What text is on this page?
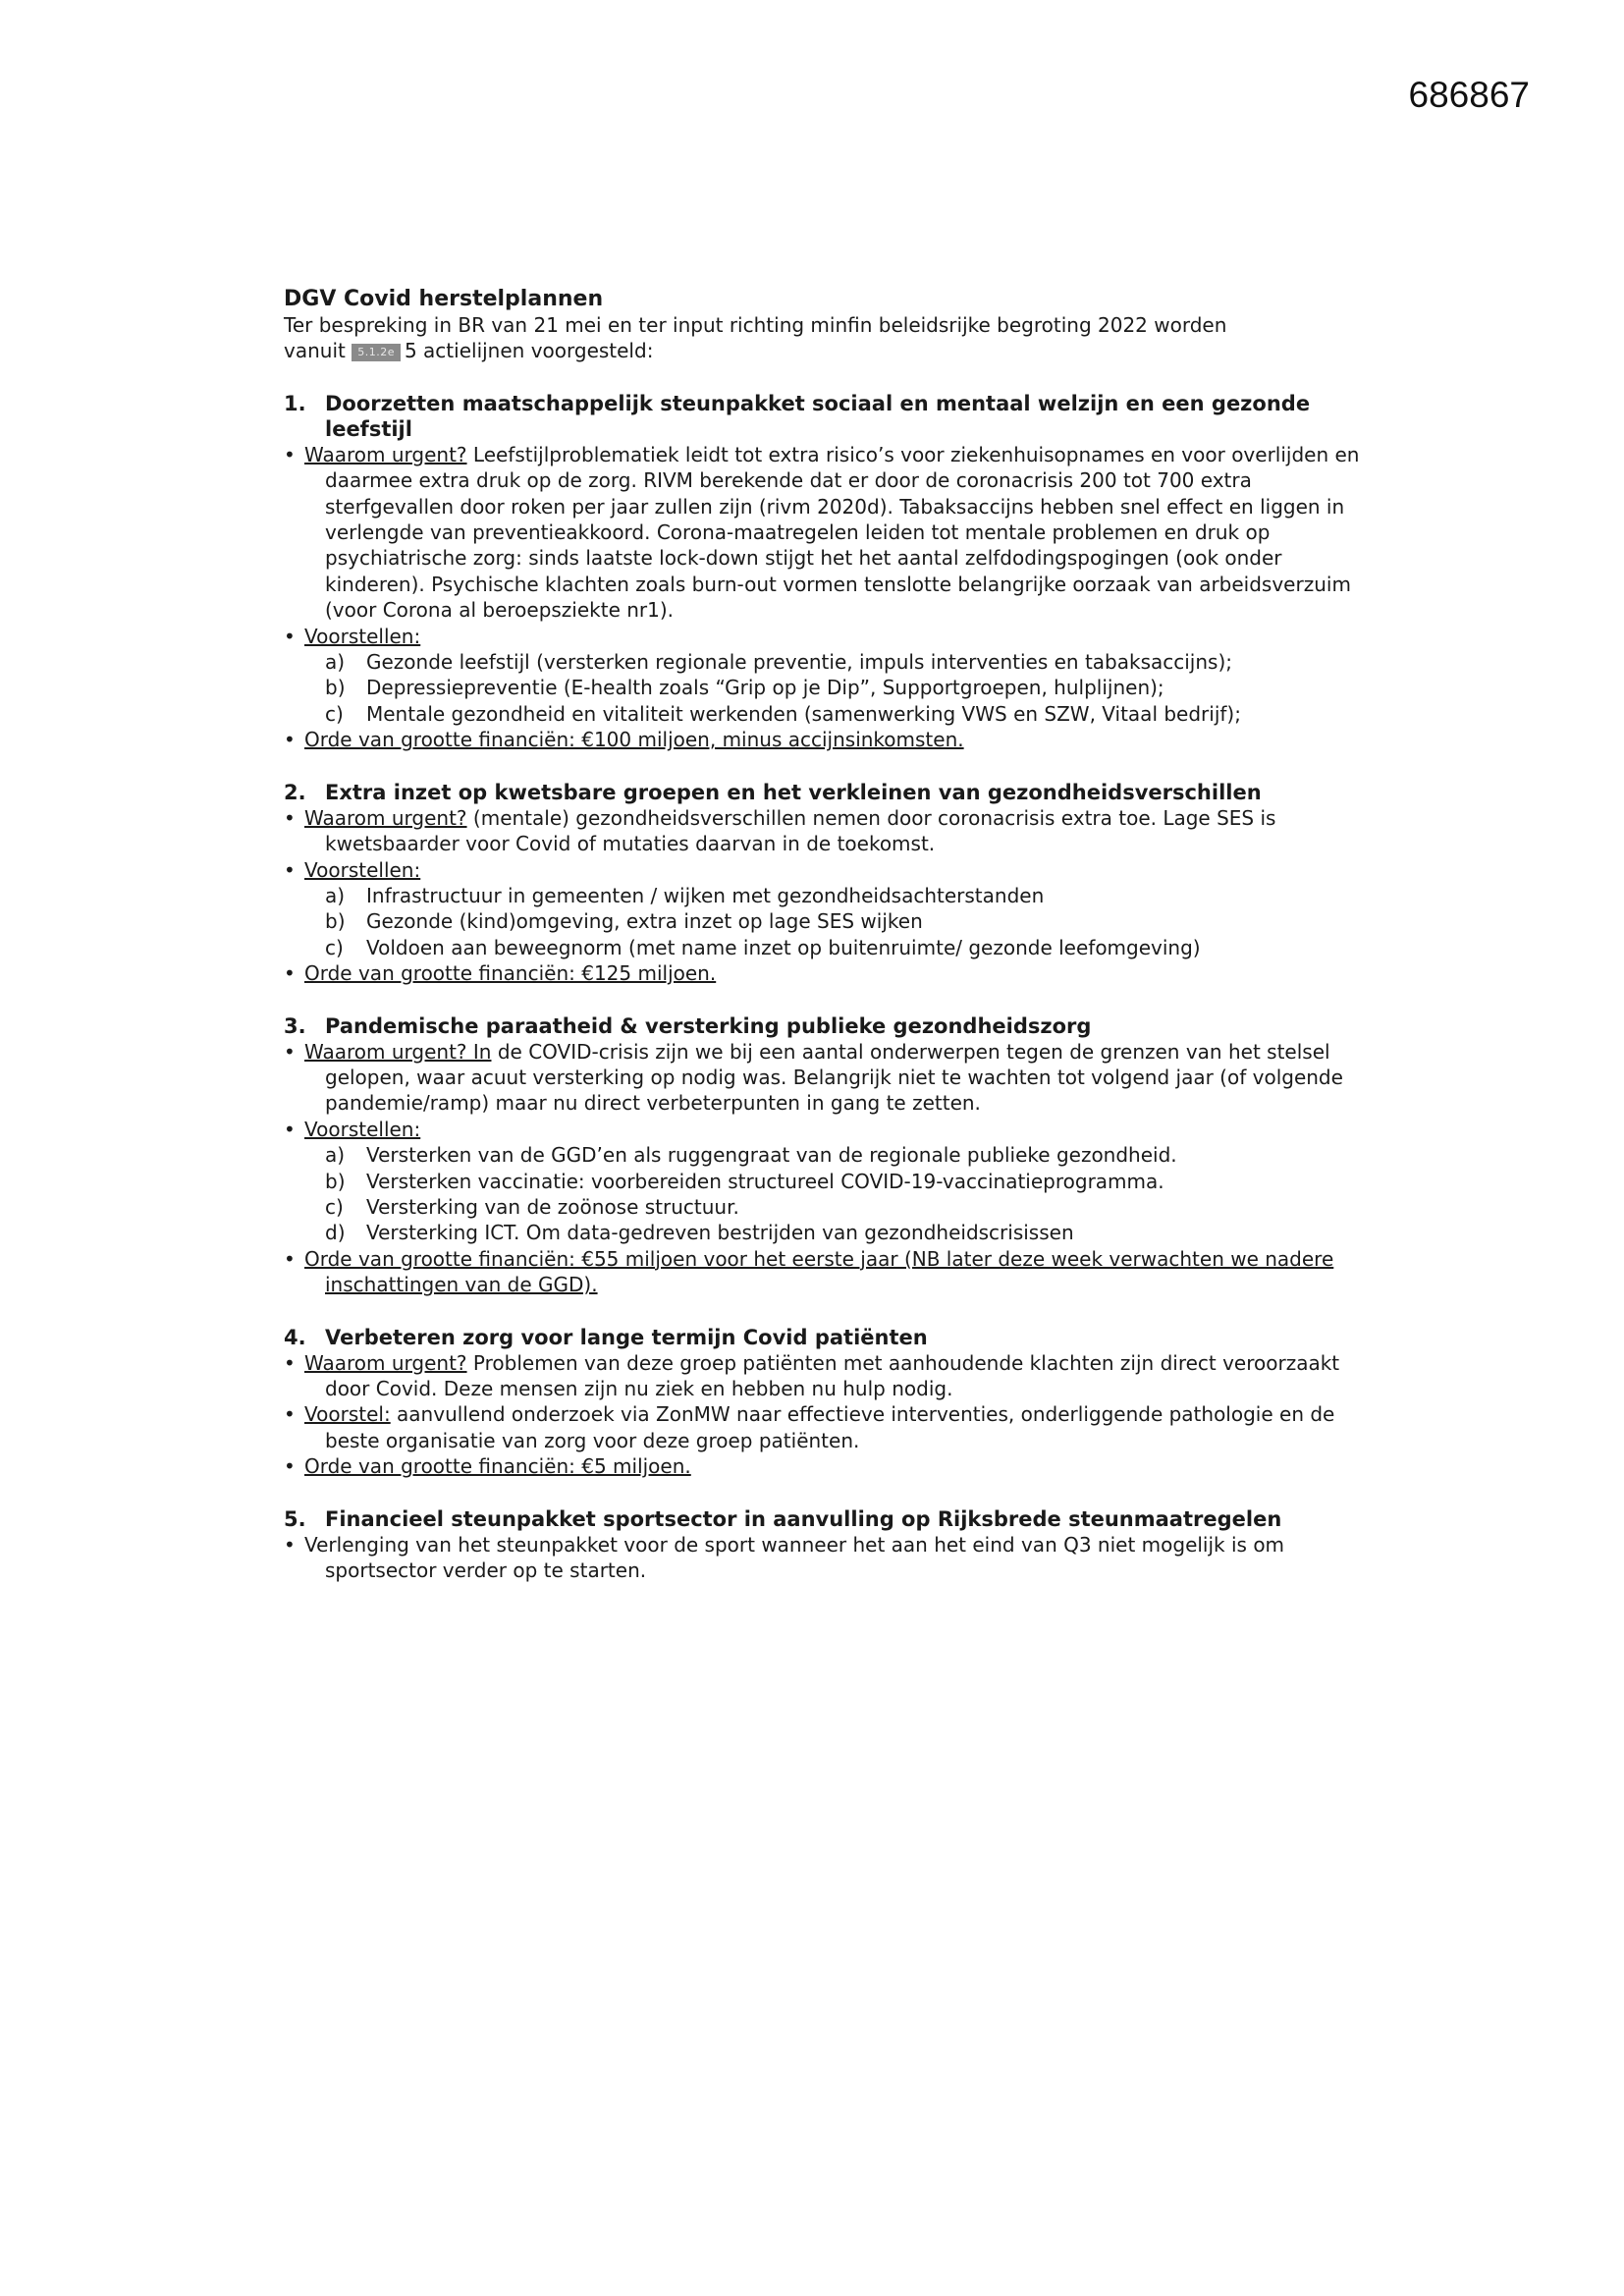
686867
DGV Covid herstelplannen

Ter bespreking in BR van 21 mei en ter input richting minfin beleidsrijke begroting 2022 worden
vanuit 5.1.2e 5 actielijnen voorgesteld:

1. Doorzetten maatschappelijk steunpakket sociaal en mentaal welzijn en een gezonde leefstijl
• Waarom urgent? Leefstijlproblematiek leidt tot extra risico’s voor ziekenhuisopnames en voor overlijden en daarmee extra druk op de zorg. RIVM berekende dat er door de coronacrisis 200 tot 700 extra sterfgevallen door roken per jaar zullen zijn (rivm 2020d). Tabaksaccijns hebben snel effect en liggen in verlengde van preventieakkoord. Corona-maatregelen leiden tot mentale problemen en druk op psychiatrische zorg: sinds laatste lock-down stijgt het het aantal zelfdodingspogingen (ook onder kinderen). Psychische klachten zoals burn-out vormen tenslotte belangrijke oorzaak van arbeidsverzuim (voor Corona al beroepsziekte nr1).
• Voorstellen:
a)	Gezonde leefstijl (versterken regionale preventie, impuls interventies en tabaksaccijns);
b)	Depressiepreventie (E-health zoals “Grip op je Dip”, Supportgroepen, hulplijnen);
c)	Mentale gezondheid en vitaliteit werkenden (samenwerking VWS en SZW, Vitaal bedrijf);
• Orde van grootte financiën: €100 miljoen, minus accijnsinkomsten.
2. Extra inzet op kwetsbare groepen en het verkleinen van gezondheidsverschillen
• Waarom urgent? (mentale) gezondheidsverschillen nemen door coronacrisis extra toe. Lage SES is kwetsbaarder voor Covid of mutaties daarvan in de toekomst.
• Voorstellen:
a)	Infrastructuur in gemeenten / wijken met gezondheidsachterstanden
b)	Gezonde (kind)omgeving, extra inzet op lage SES wijken
c)	Voldoen aan beweegnorm (met name inzet op buitenruimte/ gezonde leefomgeving)
• Orde van grootte financiën: €125 miljoen.
3. Pandemische paraatheid & versterking publieke gezondheidszorg
• Waarom urgent? In de COVID-crisis zijn we bij een aantal onderwerpen tegen de grenzen van het stelsel gelopen, waar acuut versterking op nodig was. Belangrijk niet te wachten tot volgend jaar (of volgende pandemie/ramp) maar nu direct verbeterpunten in gang te zetten.
• Voorstellen:
a)	Versterken van de GGD’en als ruggengraat van de regionale publieke gezondheid.
b)	Versterken vaccinatie: voorbereiden structureel COVID-19-vaccinatieprogramma.
c)	Versterking van de zoönose structuur.
d)	Versterking ICT. Om data-gedreven bestrijden van gezondheidscrisissen
• Orde van grootte financiën: €55 miljoen voor het eerste jaar (NB later deze week verwachten we nadere inschattingen van de GGD).
4. Verbeteren zorg voor lange termijn Covid patiënten
• Waarom urgent? Problemen van deze groep patiënten met aanhoudende klachten zijn direct veroorzaakt door Covid. Deze mensen zijn nu ziek en hebben nu hulp nodig.
• Voorstel: aanvullend onderzoek via ZonMW naar effectieve interventies, onderliggende pathologie en de beste organisatie van zorg voor deze groep patiënten.
• Orde van grootte financiën: €5 miljoen.
5. Financieel steunpakket sportsector in aanvulling op Rijksbrede steunmaatregelen
• Verlenging van het steunpakket voor de sport wanneer het aan het eind van Q3 niet mogelijk is om sportsector verder op te starten.
